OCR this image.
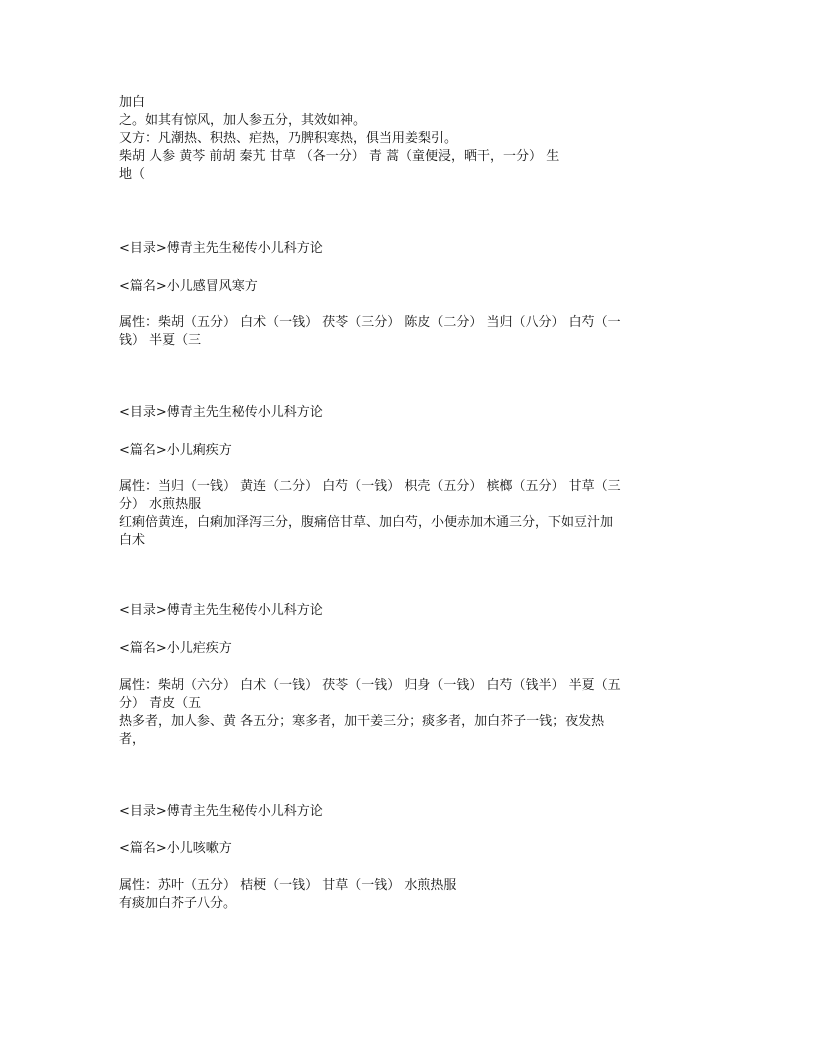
加白
之。如其有惊风，加人参五分，其效如神。
又方：凡潮热、积热、疟热，乃脾积寒热，俱当用姜梨引。
柴胡 人参 黄芩 前胡 秦艽 甘草 （各一分） 青 蒿（童便浸，晒干，一分） 生
地（
<目录>傅青主先生秘传小儿科方论
<篇名>小儿感冒风寒方
属性：柴胡（五分） 白术（一钱） 茯苓（三分） 陈皮（二分） 当归（八分） 白芍（一
钱） 半夏（三
<目录>傅青主先生秘传小儿科方论
<篇名>小儿痢疾方
属性：当归（一钱） 黄连（二分） 白芍（一钱） 枳壳（五分） 槟榔（五分） 甘草（三
分） 水煎热服
红痢倍黄连，白痢加泽泻三分，腹痛倍甘草、加白芍，小便赤加木通三分，下如豆汁加
白术
<目录>傅青主先生秘传小儿科方论
<篇名>小儿疟疾方
属性：柴胡（六分） 白术（一钱） 茯苓（一钱） 归身（一钱） 白芍（钱半） 半夏（五
分） 青皮（五
热多者，加人参、黄 各五分；寒多者，加干姜三分；痰多者，加白芥子一钱；夜发热
者，
<目录>傅青主先生秘传小儿科方论
<篇名>小儿咳嗽方
属性：苏叶（五分） 桔梗（一钱） 甘草（一钱） 水煎热服
有痰加白芥子八分。
